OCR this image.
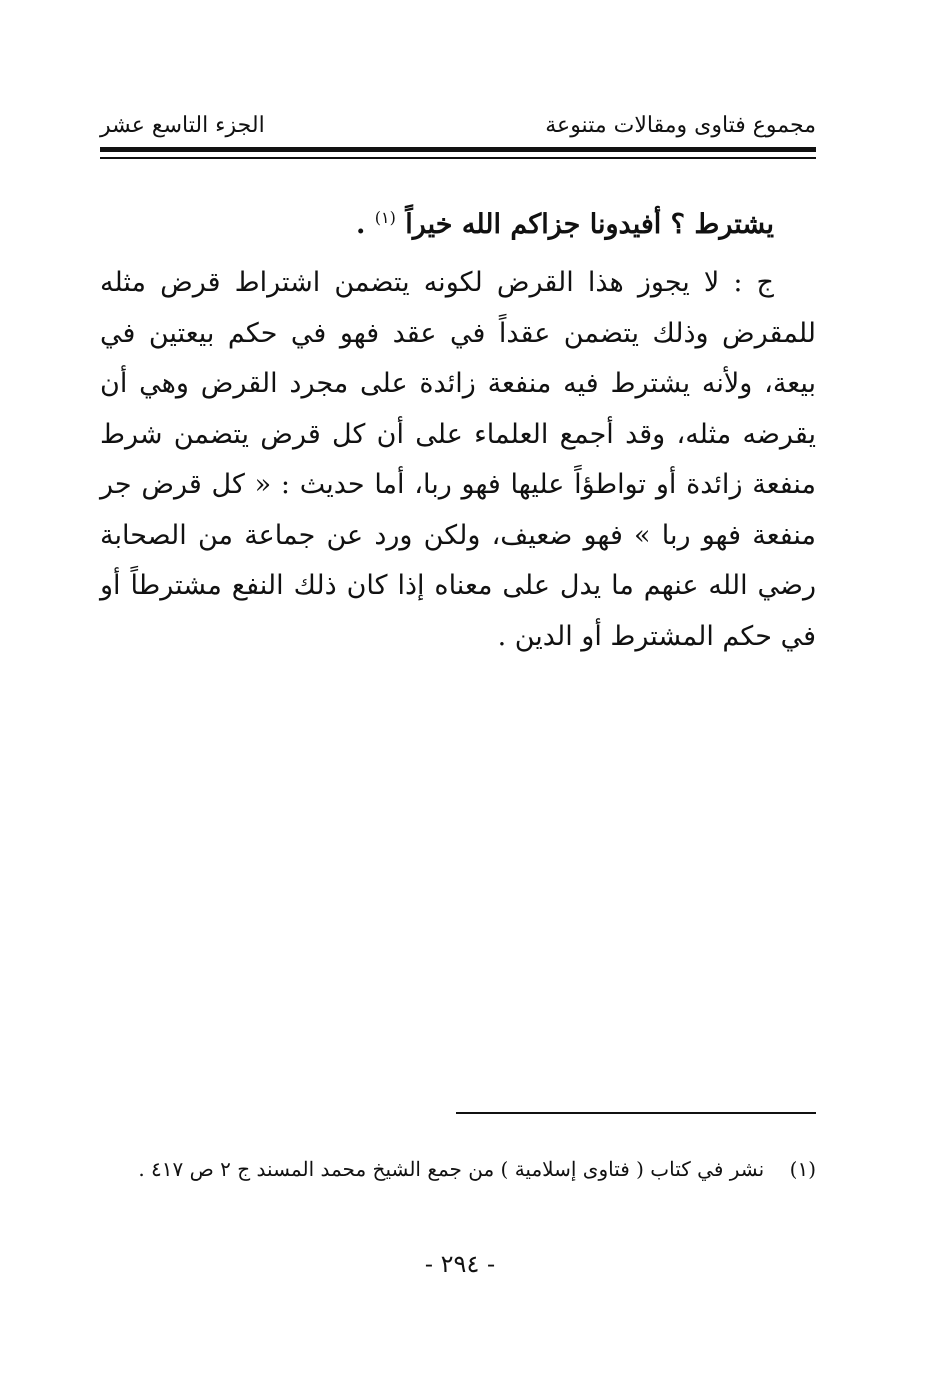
مجموع فتاوى ومقالات متنوعة
الجزء التاسع عشر
يشترط ؟ أفيدونا جزاكم الله خيراً $^{(١)}$ .
ج : لا يجوز هذا القرض لكونه يتضمن اشتراط قرض مثله للمقرض وذلك يتضمن عقداً في عقد فهو في حكم بيعتين في بيعة، ولأنه يشترط فيه منفعة زائدة على مجرد القرض وهي أن يقرضه مثله، وقد أجمع العلماء على أن كل قرض يتضمن شرط منفعة زائدة أو تواطؤاً عليها فهو ربا، أما حديث : « كل قرض جر منفعة فهو ربا » فهو ضعيف، ولكن ورد عن جماعة من الصحابة رضي الله عنهم ما يدل على معناه إذا كان ذلك النفع مشترطاً أو في حكم المشترط أو الدين .
(١)    نشر في كتاب ( فتاوى إسلامية ) من جمع الشيخ محمد المسند ج ٢ ص ٤١٧ .
- ٢٩٤ -
